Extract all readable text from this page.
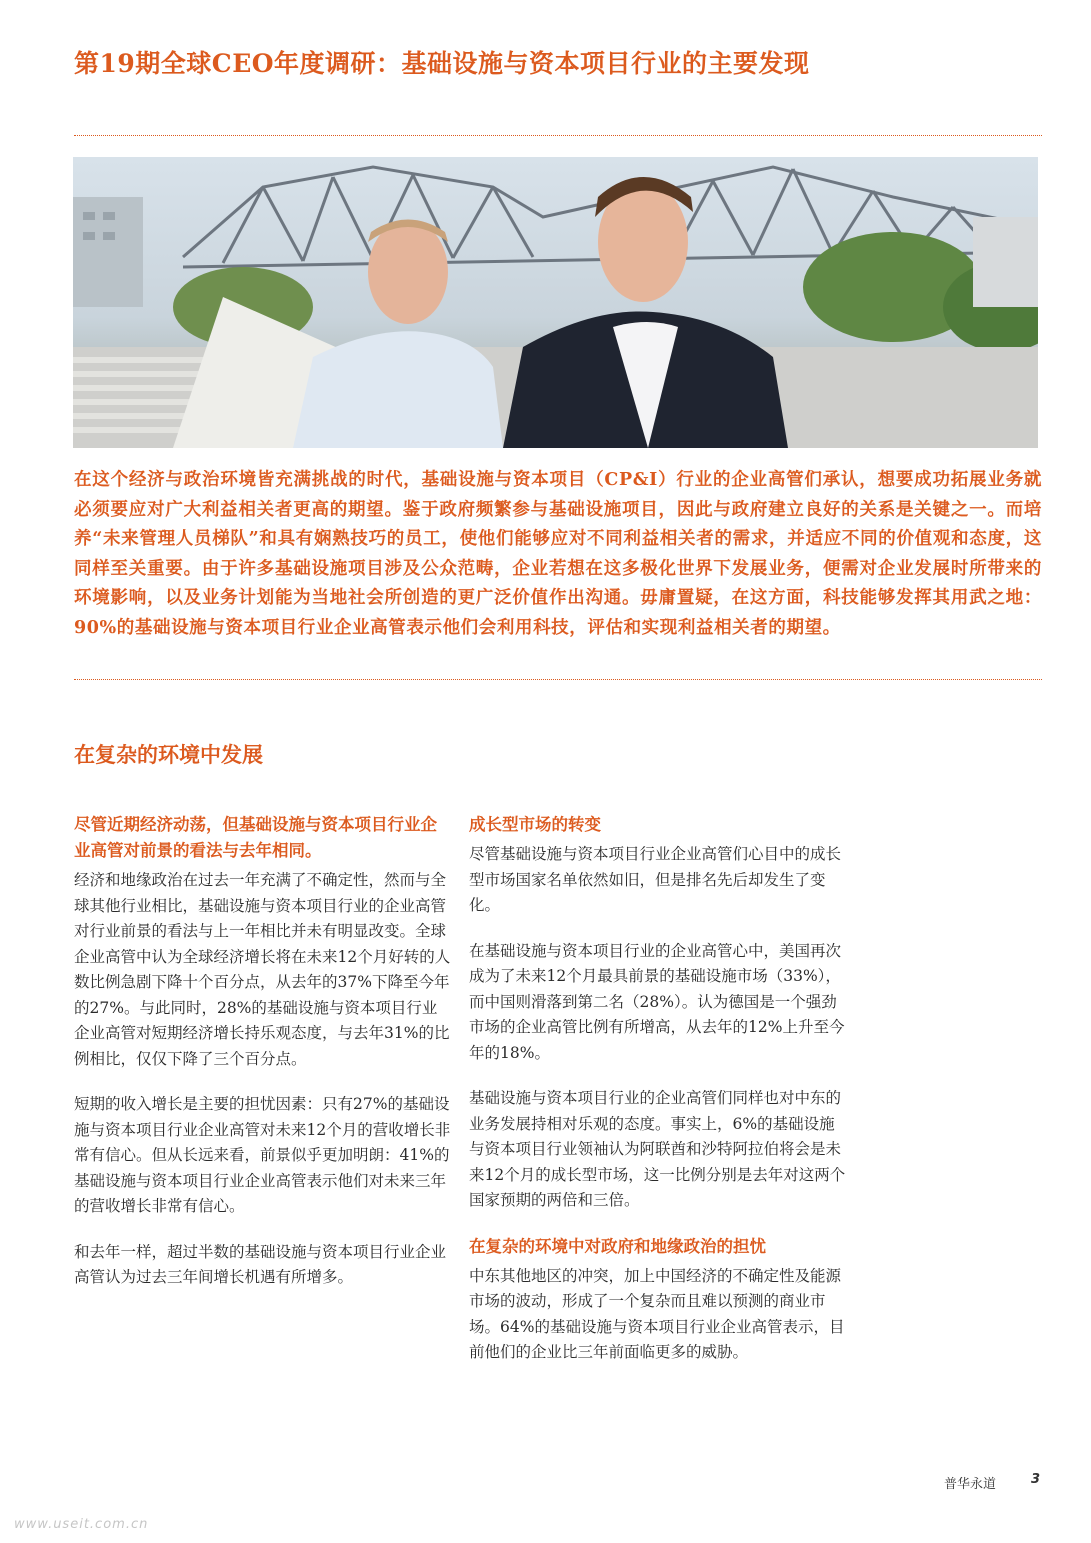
第19期全球CEO年度调研：基础设施与资本项目行业的主要发现

在这个经济与政治环境皆充满挑战的时代，基础设施与资本项目（CP&I）行业的企业高管们承认，想要成功拓展业务就必须要应对广大利益相关者更高的期望。鉴于政府频繁参与基础设施项目，因此与政府建立良好的关系是关键之一。而培养“未来管理人员梯队”和具有娴熟技巧的员工，使他们能够应对不同利益相关者的需求，并适应不同的价值观和态度，这同样至关重要。由于许多基础设施项目涉及公众范畴，企业若想在这多极化世界下发展业务，便需对企业发展时所带来的环境影响，以及业务计划能为当地社会所创造的更广泛价值作出沟通。毋庸置疑，在这方面，科技能够发挥其用武之地：90%的基础设施与资本项目行业企业高管表示他们会利用科技，评估和实现利益相关者的期望。

在复杂的环境中发展
尽管近期经济动荡，但基础设施与资本项目行业企业高管对前景的看法与去年相同。

经济和地缘政治在过去一年充满了不确定性，然而与全球其他行业相比，基础设施与资本项目行业的企业高管对行业前景的看法与上一年相比并未有明显改变。全球企业高管中认为全球经济增长将在未来12个月好转的人数比例急剧下降十个百分点，从去年的37%下降至今年的27%。与此同时，28%的基础设施与资本项目行业企业高管对短期经济增长持乐观态度，与去年31%的比例相比，仅仅下降了三个百分点。

短期的收入增长是主要的担忧因素：只有27%的基础设施与资本项目行业企业高管对未来12个月的营收增长非常有信心。但从长远来看，前景似乎更加明朗：41%的基础设施与资本项目行业企业高管表示他们对未来三年的营收增长非常有信心。

和去年一样，超过半数的基础设施与资本项目行业企业高管认为过去三年间增长机遇有所增多。

成长型市场的转变

尽管基础设施与资本项目行业企业高管们心目中的成长型市场国家名单依然如旧，但是排名先后却发生了变化。

在基础设施与资本项目行业的企业高管心中，美国再次成为了未来12个月最具前景的基础设施市场（33%），而中国则滑落到第二名（28%）。认为德国是一个强劲市场的企业高管比例有所增高，从去年的12%上升至今年的18%。

基础设施与资本项目行业的企业高管们同样也对中东的业务发展持相对乐观的态度。事实上，6%的基础设施与资本项目行业领袖认为阿联酋和沙特阿拉伯将会是未来12个月的成长型市场，这一比例分别是去年对这两个国家预期的两倍和三倍。

在复杂的环境中对政府和地缘政治的担忧

中东其他地区的冲突，加上中国经济的不确定性及能源市场的波动，形成了一个复杂而且难以预测的商业市场。64%的基础设施与资本项目行业企业高管表示，目前他们的企业比三年前面临更多的威胁。

普华永道	3
www.useit.com.cn
